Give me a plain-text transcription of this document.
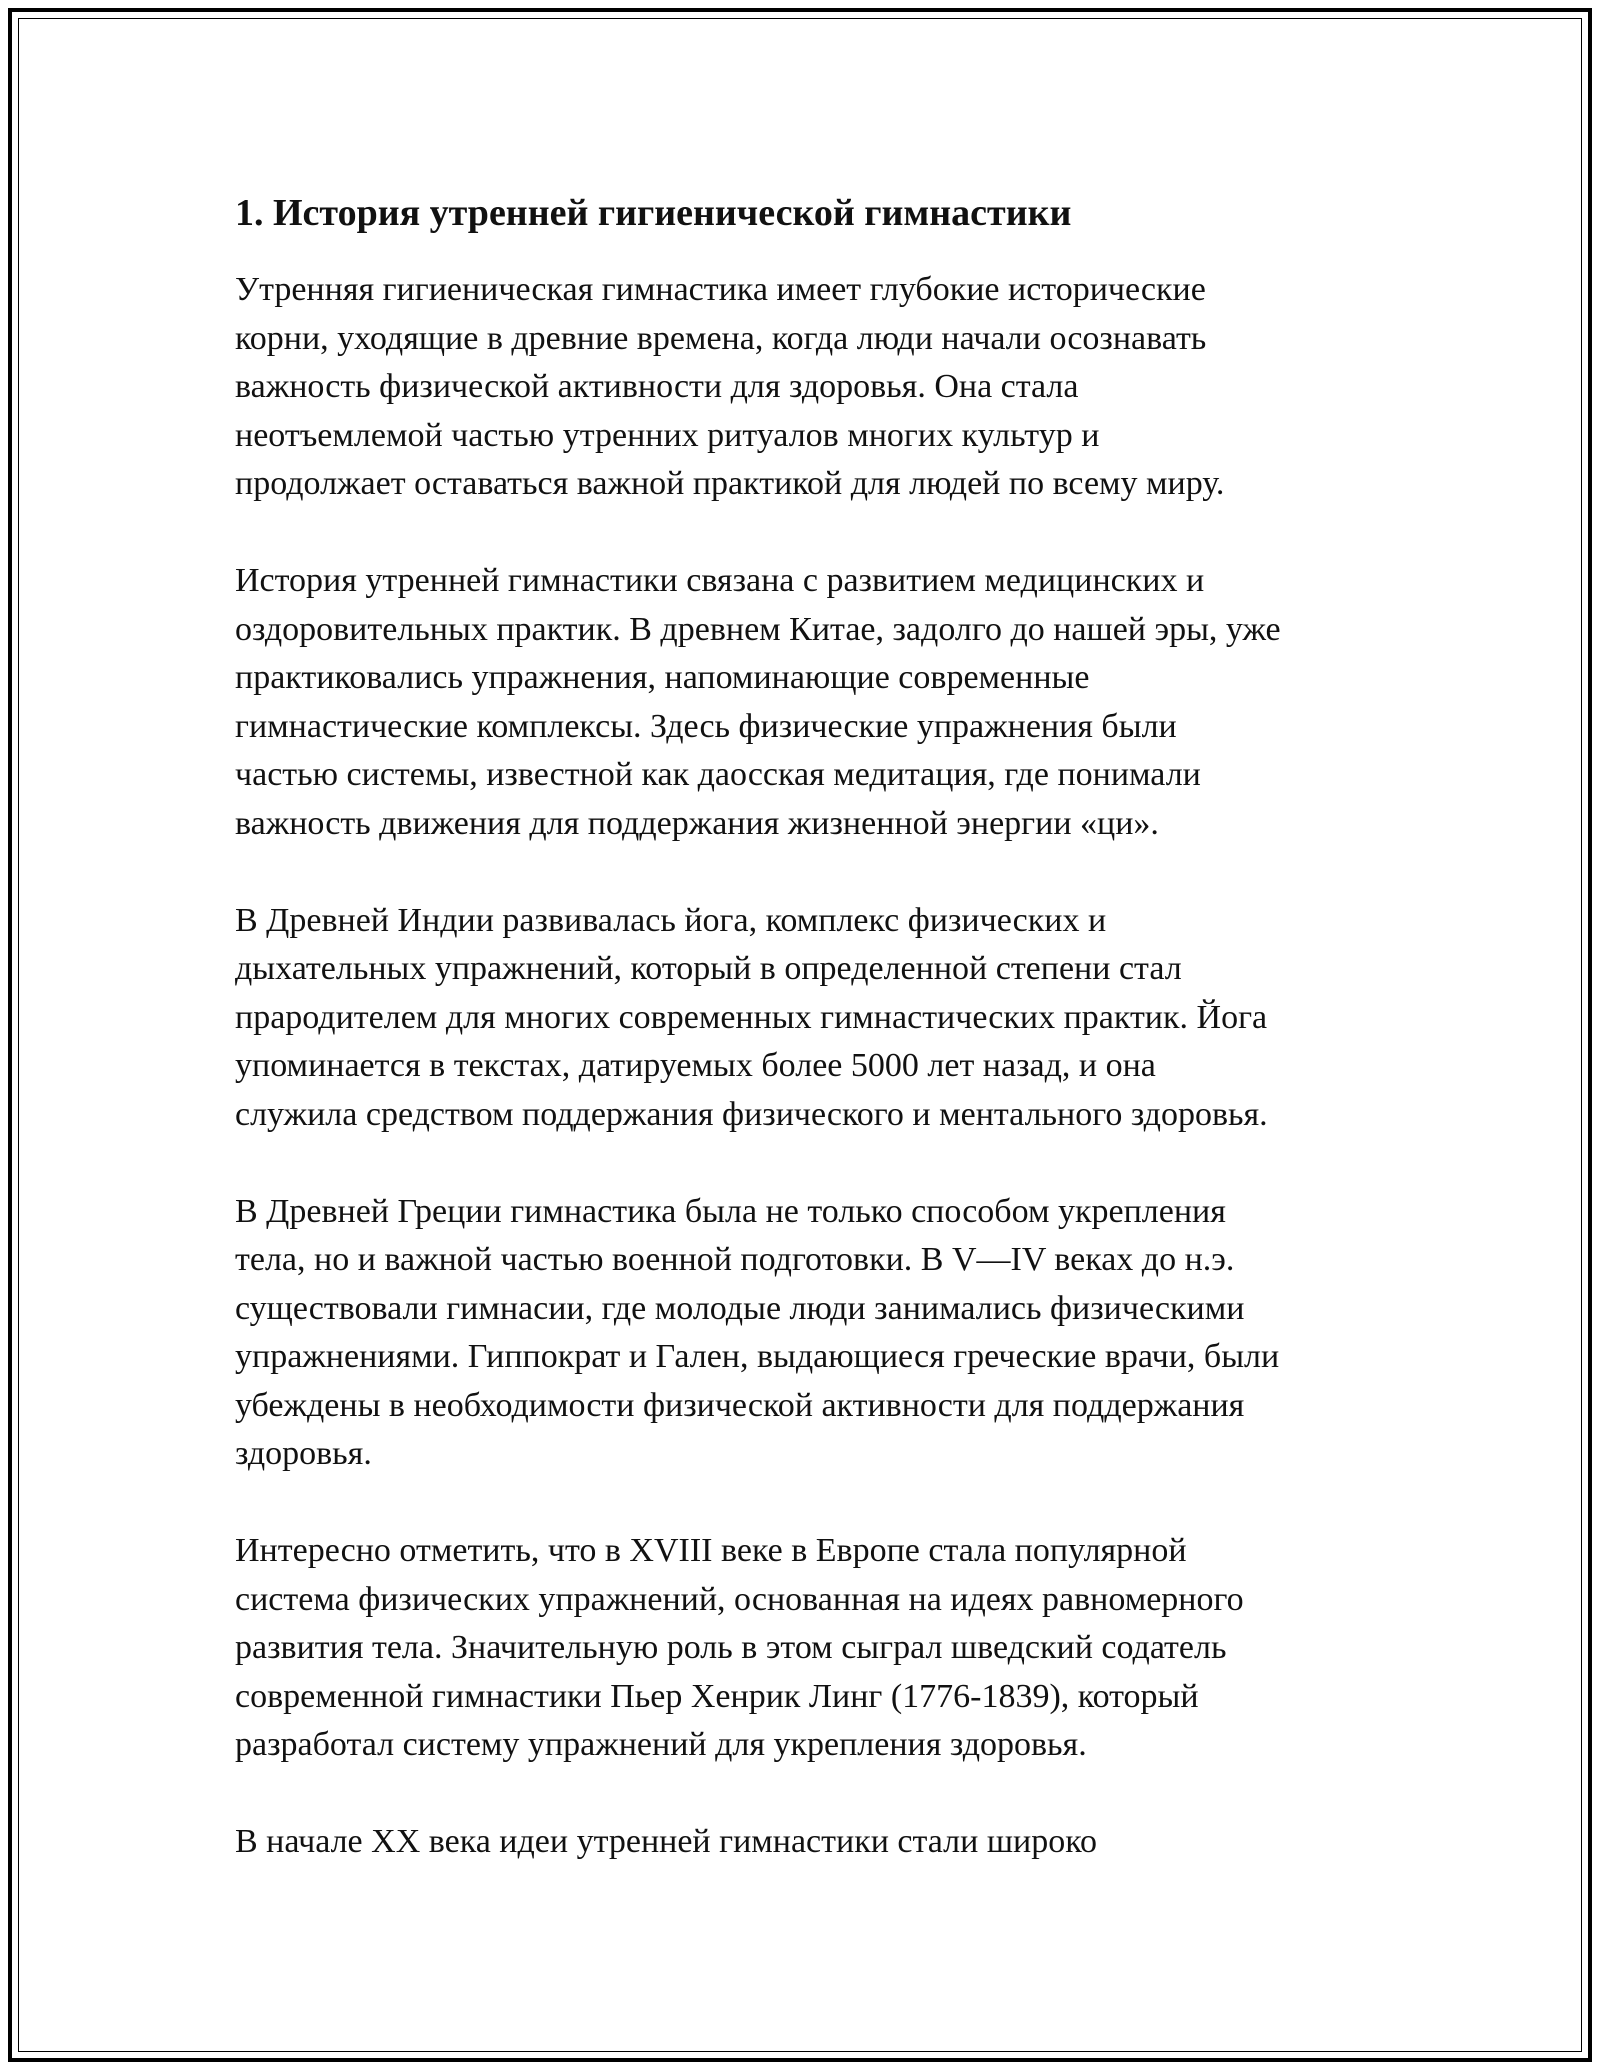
1. История утренней гигиенической гимнастики

Утренняя гигиеническая гимнастика имеет глубокие исторические
корни, уходящие в древние времена, когда люди начали осознавать
важность физической активности для здоровья. Она стала
неотъемлемой частью утренних ритуалов многих культур и
продолжает оставаться важной практикой для людей по всему миру.

История утренней гимнастики связана с развитием медицинских и
оздоровительных практик. В древнем Китае, задолго до нашей эры, уже
практиковались упражнения, напоминающие современные
гимнастические комплексы. Здесь физические упражнения были
частью системы, известной как даосская медитация, где понимали
важность движения для поддержания жизненной энергии «ци».

В Древней Индии развивалась йога, комплекс физических и
дыхательных упражнений, который в определенной степени стал
прародителем для многих современных гимнастических практик. Йога
упоминается в текстах, датируемых более 5000 лет назад, и она
служила средством поддержания физического и ментального здоровья.

В Древней Греции гимнастика была не только способом укрепления
тела, но и важной частью военной подготовки. В V—IV веках до н.э.
существовали гимнасии, где молодые люди занимались физическими
упражнениями. Гиппократ и Гален, выдающиеся греческие врачи, были
убеждены в необходимости физической активности для поддержания
здоровья.

Интересно отметить, что в XVIII веке в Европе стала популярной
система физических упражнений, основанная на идеях равномерного
развития тела. Значительную роль в этом сыграл шведский содатель
современной гимнастики Пьер Хенрик Линг (1776-1839), который
разработал систему упражнений для укрепления здоровья.

В начале XX века идеи утренней гимнастики стали широко
